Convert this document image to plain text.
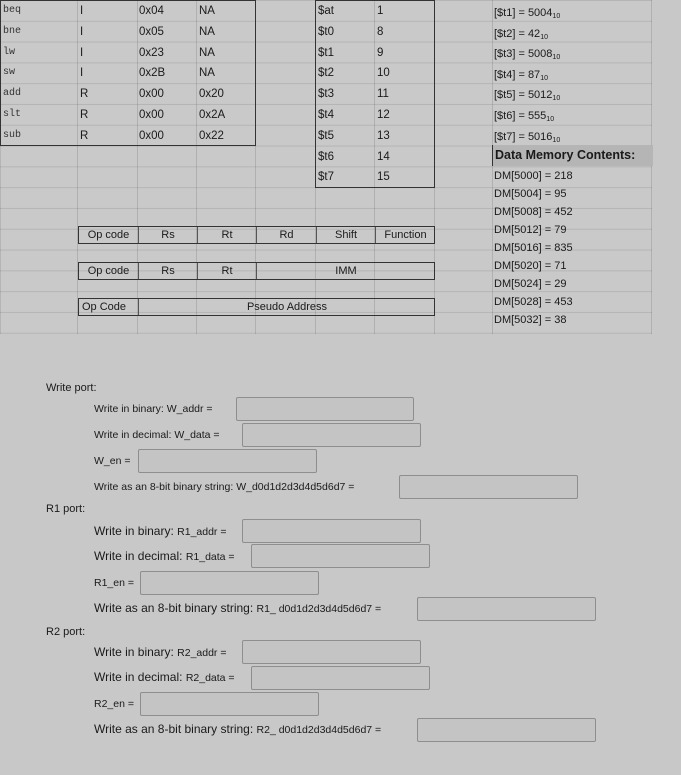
beq	I	0x04	NA
bne	I	0x05	NA
lw	I	0x23	NA
sw	I	0x2B	NA
add	R	0x00	0x20
slt	R	0x00	0x2A
sub	R	0x00	0x22
$at	1
$t0	8
$t1	9
$t2	10
$t3	11
$t4	12
$t5	13
$t6	14
$t7	15
[$t1] = $5004_{10}$
[$t2] = $42_{10}$
[$t3] = $5008_{10}$
[$t4] = $87_{10}$
[$t5] = $5012_{10}$
[$t6] = $555_{10}$
[$t7] = $5016_{10}$
Data Memory Contents:
DM[5000] = 218
DM[5004] = 95
DM[5008] = 452
DM[5012] = 79
DM[5016] = 835
DM[5020] = 71
DM[5024] = 29
DM[5028] = 453
DM[5032] = 38
Op code	Rs	Rt	Rd	Shift	Function
Op code	Rs	Rt	IMM
Op Code	Pseudo Address
Write port:
Write in binary: W_addr =
Write in decimal: W_data =
W_en =
Write as an 8-bit binary string: W_d0d1d2d3d4d5d6d7 =
R1 port:
Write in binary: R1_addr =
Write in decimal: R1_data =
R1_en =
Write as an 8-bit binary string: R1_ d0d1d2d3d4d5d6d7 =
R2 port:
Write in binary: R2_addr =
Write in decimal: R2_data =
R2_en =
Write as an 8-bit binary string: R2_ d0d1d2d3d4d5d6d7 =
